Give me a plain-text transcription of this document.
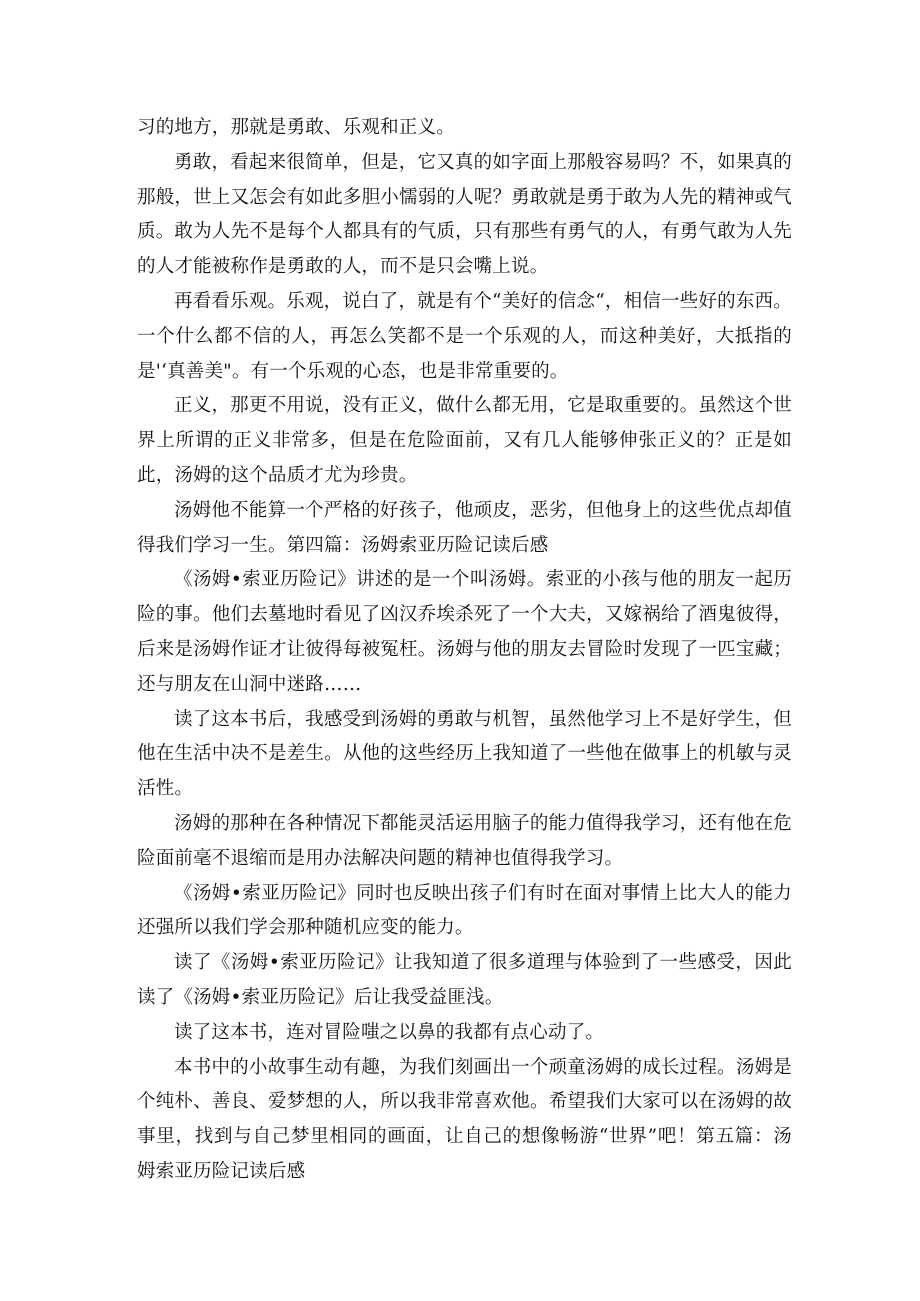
习的地方，那就是勇敢、乐观和正义。

勇敢，看起来很简单，但是，它又真的如字面上那般容易吗？不，如果真的那般，世上又怎会有如此多胆小懦弱的人呢？勇敢就是勇于敢为人先的精神或气质。敢为人先不是每个人都具有的气质，只有那些有勇气的人，有勇气敢为人先的人才能被称作是勇敢的人，而不是只会嘴上说。

再看看乐观。乐观，说白了，就是有个“美好的信念“，相信一些好的东西。一个什么都不信的人，再怎么笑都不是一个乐观的人，而这种美好，大抵指的是'‘真善美"。有一个乐观的心态，也是非常重要的。

正义，那更不用说，没有正义，做什么都无用，它是取重要的。虽然这个世界上所谓的正义非常多，但是在危险面前，又有几人能够伸张正义的？正是如此，汤姆的这个品质才尤为珍贵。

汤姆他不能算一个严格的好孩子，他顽皮，恶劣，但他身上的这些优点却值得我们学习一生。第四篇：汤姆索亚历险记读后感

《汤姆•索亚历险记》讲述的是一个叫汤姆。索亚的小孩与他的朋友一起历险的事。他们去墓地时看见了凶汉乔埃杀死了一个大夫，又嫁祸给了酒鬼彼得，后来是汤姆作证才让彼得每被冤枉。汤姆与他的朋友去冒险时发现了一匹宝藏；还与朋友在山洞中迷路……

读了这本书后，我感受到汤姆的勇敢与机智，虽然他学习上不是好学生，但他在生活中决不是差生。从他的这些经历上我知道了一些他在做事上的机敏与灵活性。

汤姆的那种在各种情况下都能灵活运用脑子的能力值得我学习，还有他在危险面前毫不退缩而是用办法解决问题的精神也值得我学习。

《汤姆•索亚历险记》同时也反映出孩子们有时在面对事情上比大人的能力还强所以我们学会那种随机应变的能力。

读了《汤姆•索亚历险记》让我知道了很多道理与体验到了一些感受，因此读了《汤姆•索亚历险记》后让我受益匪浅。

读了这本书，连对冒险嗤之以鼻的我都有点心动了。

本书中的小故事生动有趣，为我们刻画出一个顽童汤姆的成长过程。汤姆是个纯朴、善良、爱梦想的人，所以我非常喜欢他。希望我们大家可以在汤姆的故事里，找到与自己梦里相同的画面，让自己的想像畅游“世界”吧！第五篇：汤姆索亚历险记读后感
